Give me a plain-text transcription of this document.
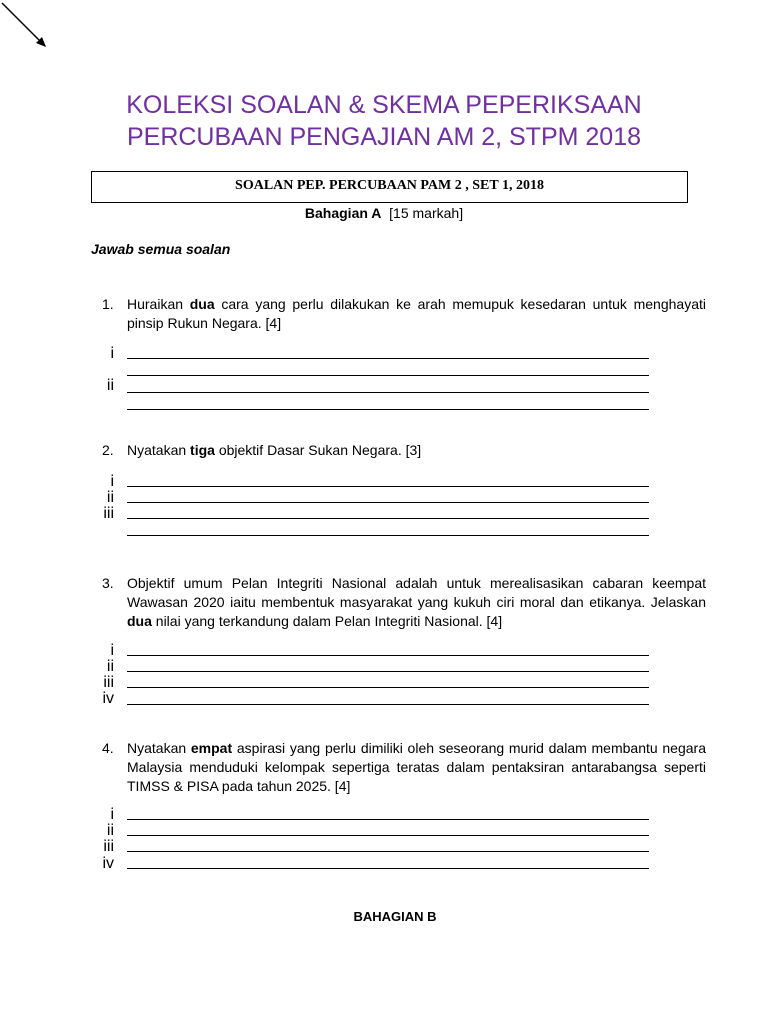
KOLEKSI SOALAN & SKEMA PEPERIKSAAN
PERCUBAAN PENGAJIAN AM 2, STPM 2018
SOALAN PEP. PERCUBAAN PAM 2 , SET 1, 2018
Bahagian A [15 markah]
Jawab semua soalan
1. Huraikan dua cara yang perlu dilakukan ke arah memupuk kesedaran untuk menghayati pinsip Rukun Negara. [4]
i
ii
2. Nyatakan tiga objektif Dasar Sukan Negara. [3]
i
ii
iii
3. Objektif umum Pelan Integriti Nasional adalah untuk merealisasikan cabaran keempat Wawasan 2020 iaitu membentuk masyarakat yang kukuh ciri moral dan etikanya. Jelaskan dua nilai yang terkandung dalam Pelan Integriti Nasional. [4]
i
ii
iii
iv
4. Nyatakan empat aspirasi yang perlu dimiliki oleh seseorang murid dalam membantu negara Malaysia menduduki kelompak sepertiga teratas dalam pentaksiran antarabangsa seperti TIMSS & PISA pada tahun 2025. [4]
i
ii
iii
iv
BAHAGIAN B
